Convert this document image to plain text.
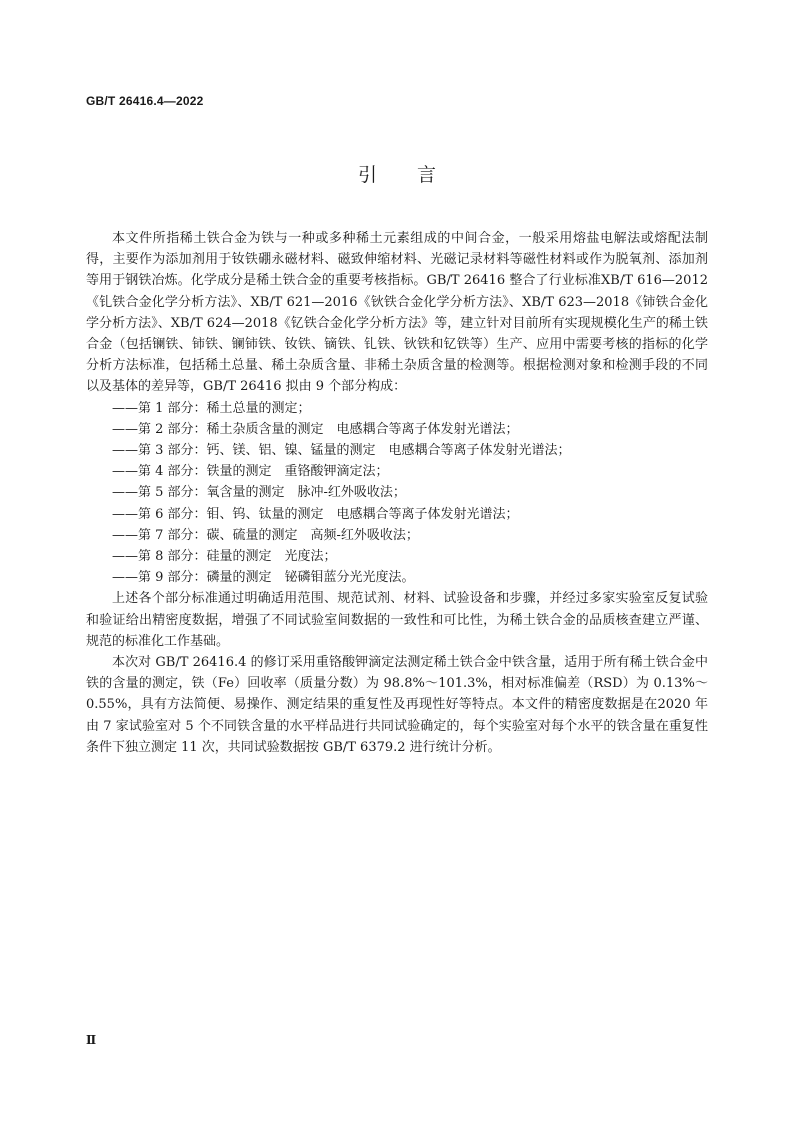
GB/T 26416.4—2022
引言

本文件所指稀土铁合金为铁与一种或多种稀土元素组成的中间合金，一般采用熔盐电解法或熔配法制得，主要作为添加剂用于钕铁硼永磁材料、磁致伸缩材料、光磁记录材料等磁性材料或作为脱氧剂、添加剂等用于钢铁冶炼。化学成分是稀土铁合金的重要考核指标。GB/T 26416 整合了行业标准XB/T 616—2012《钆铁合金化学分析方法》、XB/T 621—2016《钬铁合金化学分析方法》、XB/T 623—2018《铈铁合金化学分析方法》、XB/T 624—2018《钇铁合金化学分析方法》等，建立针对目前所有实现规模化生产的稀土铁合金（包括镧铁、铈铁、镧铈铁、钕铁、镝铁、钆铁、钬铁和钇铁等）生产、应用中需要考核的指标的化学分析方法标准，包括稀土总量、稀土杂质含量、非稀土杂质含量的检测等。根据检测对象和检测手段的不同以及基体的差异等，GB/T 26416 拟由 9 个部分构成：

——第 1 部分：稀土总量的测定；

——第 2 部分：稀土杂质含量的测定　电感耦合等离子体发射光谱法；

——第 3 部分：钙、镁、铝、镍、锰量的测定　电感耦合等离子体发射光谱法；

——第 4 部分：铁量的测定　重铬酸钾滴定法；

——第 5 部分：氧含量的测定　脉冲-红外吸收法；

——第 6 部分：钼、钨、钛量的测定　电感耦合等离子体发射光谱法；

——第 7 部分：碳、硫量的测定　高频-红外吸收法；

——第 8 部分：硅量的测定　光度法；

——第 9 部分：磷量的测定　铋磷钼蓝分光光度法。

上述各个部分标准通过明确适用范围、规范试剂、材料、试验设备和步骤，并经过多家实验室反复试验和验证给出精密度数据，增强了不同试验室间数据的一致性和可比性，为稀土铁合金的品质核查建立严谨、规范的标准化工作基础。

本次对 GB/T 26416.4 的修订采用重铬酸钾滴定法测定稀土铁合金中铁含量，适用于所有稀土铁合金中铁的含量的测定，铁（Fe）回收率（质量分数）为 98.8%～101.3%，相对标准偏差（RSD）为 0.13%～0.55%，具有方法简便、易操作、测定结果的重复性及再现性好等特点。本文件的精密度数据是在2020 年由 7 家试验室对 5 个不同铁含量的水平样品进行共同试验确定的，每个实验室对每个水平的铁含量在重复性条件下独立测定 11 次，共同试验数据按 GB/T 6379.2 进行统计分析。

Ⅱ
